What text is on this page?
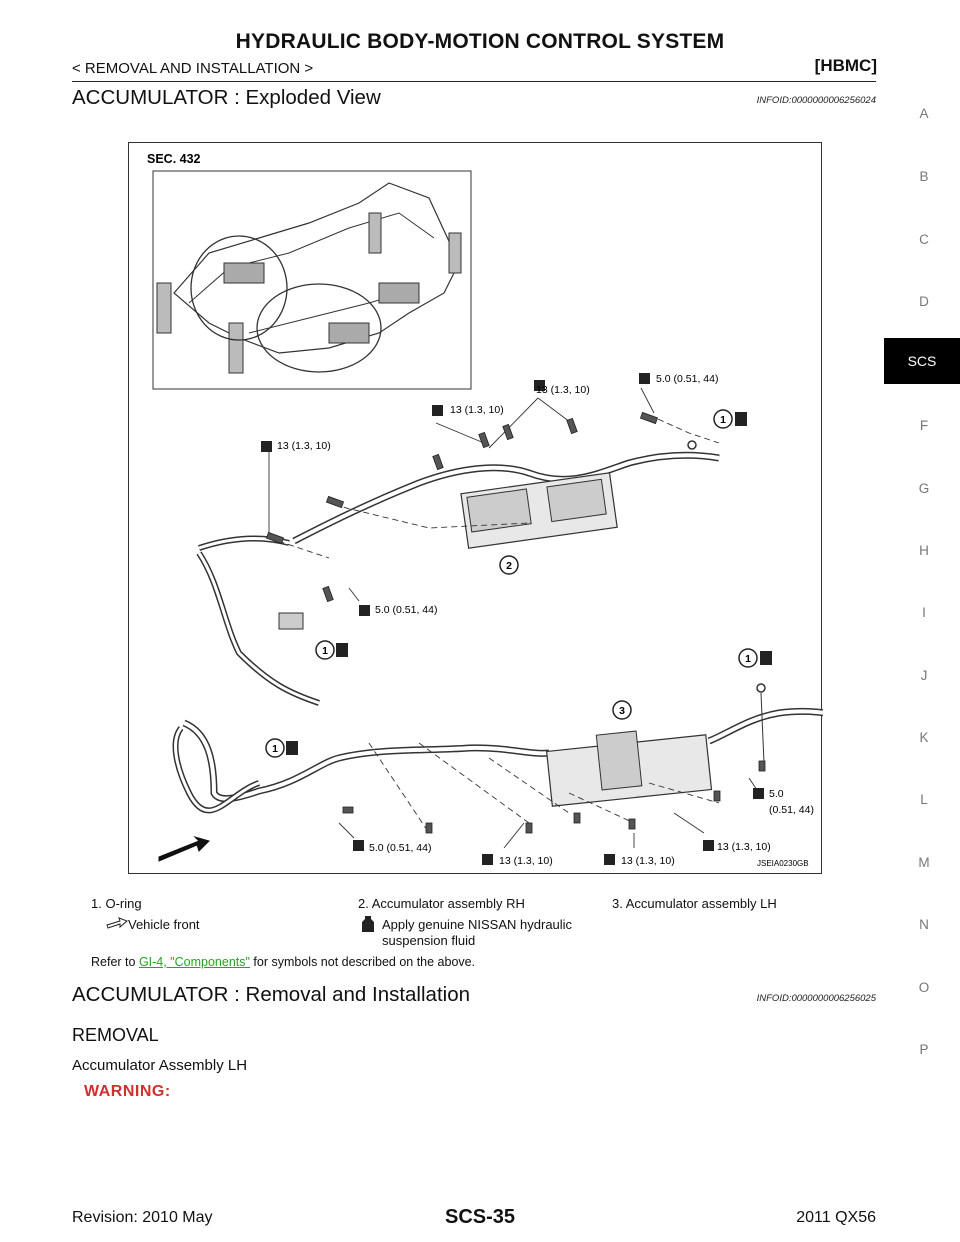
HYDRAULIC BODY-MOTION CONTROL SYSTEM
< REMOVAL AND INSTALLATION >	[HBMC]
ACCUMULATOR : Exploded View	INFOID:0000000006256024
A
B
C
D
SCS
F
G
H
I
J
K
L
M
N
O
P
SEC. 432
5.0 (0.51, 44)
13 (1.3, 10)
13 (1.3, 10)
13 (1.3, 10)
5.0 (0.51, 44)
5.0
(0.51, 44)
5.0 (0.51, 44)
13 (1.3, 10)	13 (1.3, 10)
13 (1.3, 10)
1
2
1
1
3
1
JSEIA0230GB
1. O-ring	2. Accumulator assembly RH	3. Accumulator assembly LH
Vehicle front	Apply genuine NISSAN hydraulic
suspension fluid
Refer to GI-4, "Components" for symbols not described on the above.
ACCUMULATOR : Removal and Installation	INFOID:0000000006256025
REMOVAL
Accumulator Assembly LH
WARNING:
Revision: 2010 May	SCS-35	2011 QX56
